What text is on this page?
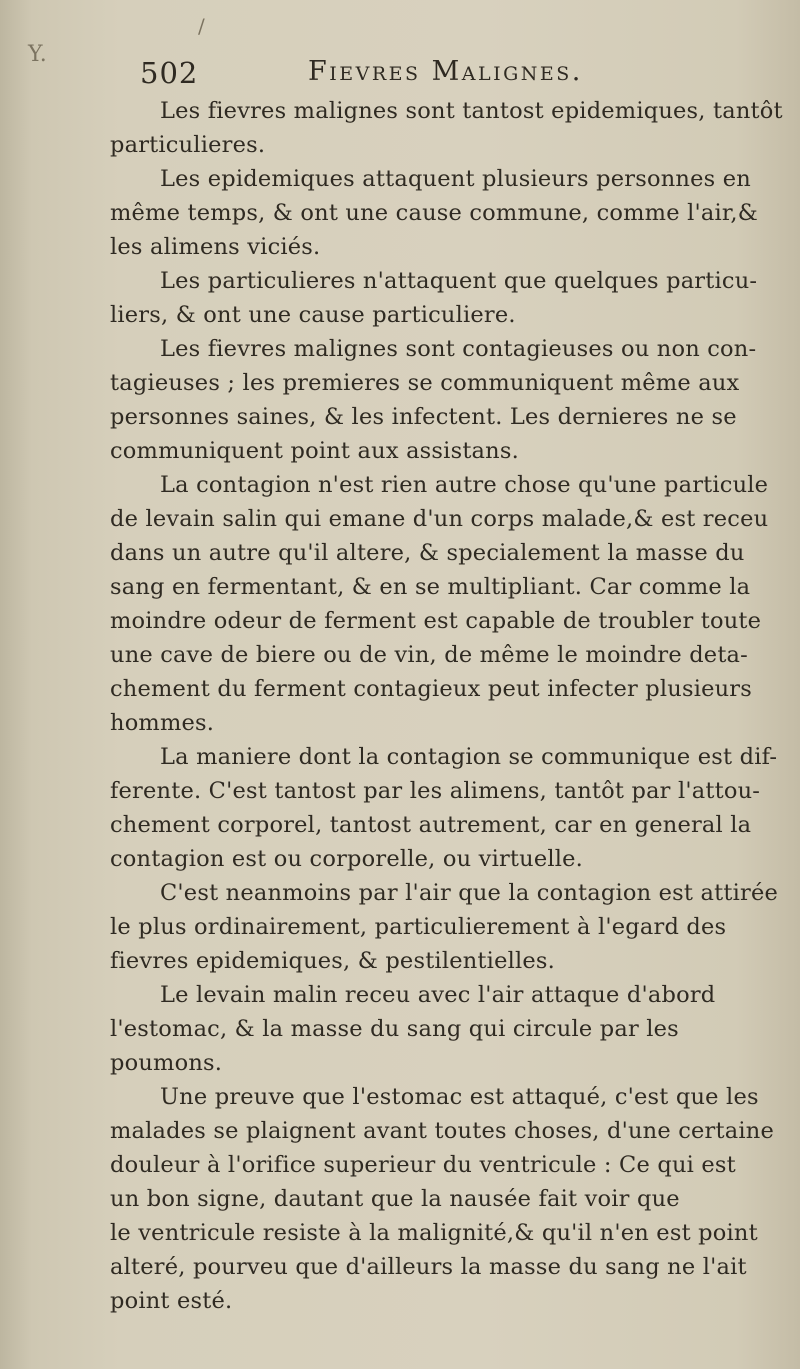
Y.
/
502	Fievres Malignes.
Les fievres malignes sont tantost epidemiques, tantôt
particulieres.
Les epidemiques attaquent plusieurs personnes en
même temps, & ont une cause commune, comme l'air,&
les alimens viciés.
Les particulieres n'attaquent que quelques particu-
liers, & ont une cause particuliere.
Les fievres malignes sont contagieuses ou non con-
tagieuses ; les premieres se communiquent même aux
personnes saines, & les infectent. Les dernieres ne se
communiquent point aux assistans.
La contagion n'est rien autre chose qu'une particule
de levain salin qui emane d'un corps malade,& est receu
dans un autre qu'il altere, & specialement la masse du
sang en fermentant, & en se multipliant. Car comme la
moindre odeur de ferment est capable de troubler toute
une cave de biere ou de vin, de même le moindre deta-
chement du ferment contagieux peut infecter plusieurs
hommes.
La maniere dont la contagion se communique est dif-
ferente. C'est tantost par les alimens, tantôt par l'attou-
chement corporel, tantost autrement, car en general la
contagion est ou corporelle, ou virtuelle.
C'est neanmoins par l'air que la contagion est attirée
le plus ordinairement, particulierement à l'egard des
fievres epidemiques, & pestilentielles.
Le levain malin receu avec l'air attaque d'abord
l'estomac, & la masse du sang qui circule par les
poumons.
Une preuve que l'estomac est attaqué, c'est que les
malades se plaignent avant toutes choses, d'une certaine
douleur à l'orifice superieur du ventricule : Ce qui est
un bon signe, dautant que la nausée fait voir que
le ventricule resiste à la malignité,& qu'il n'en est point
alteré, pourveu que d'ailleurs la masse du sang ne l'ait
point esté.
